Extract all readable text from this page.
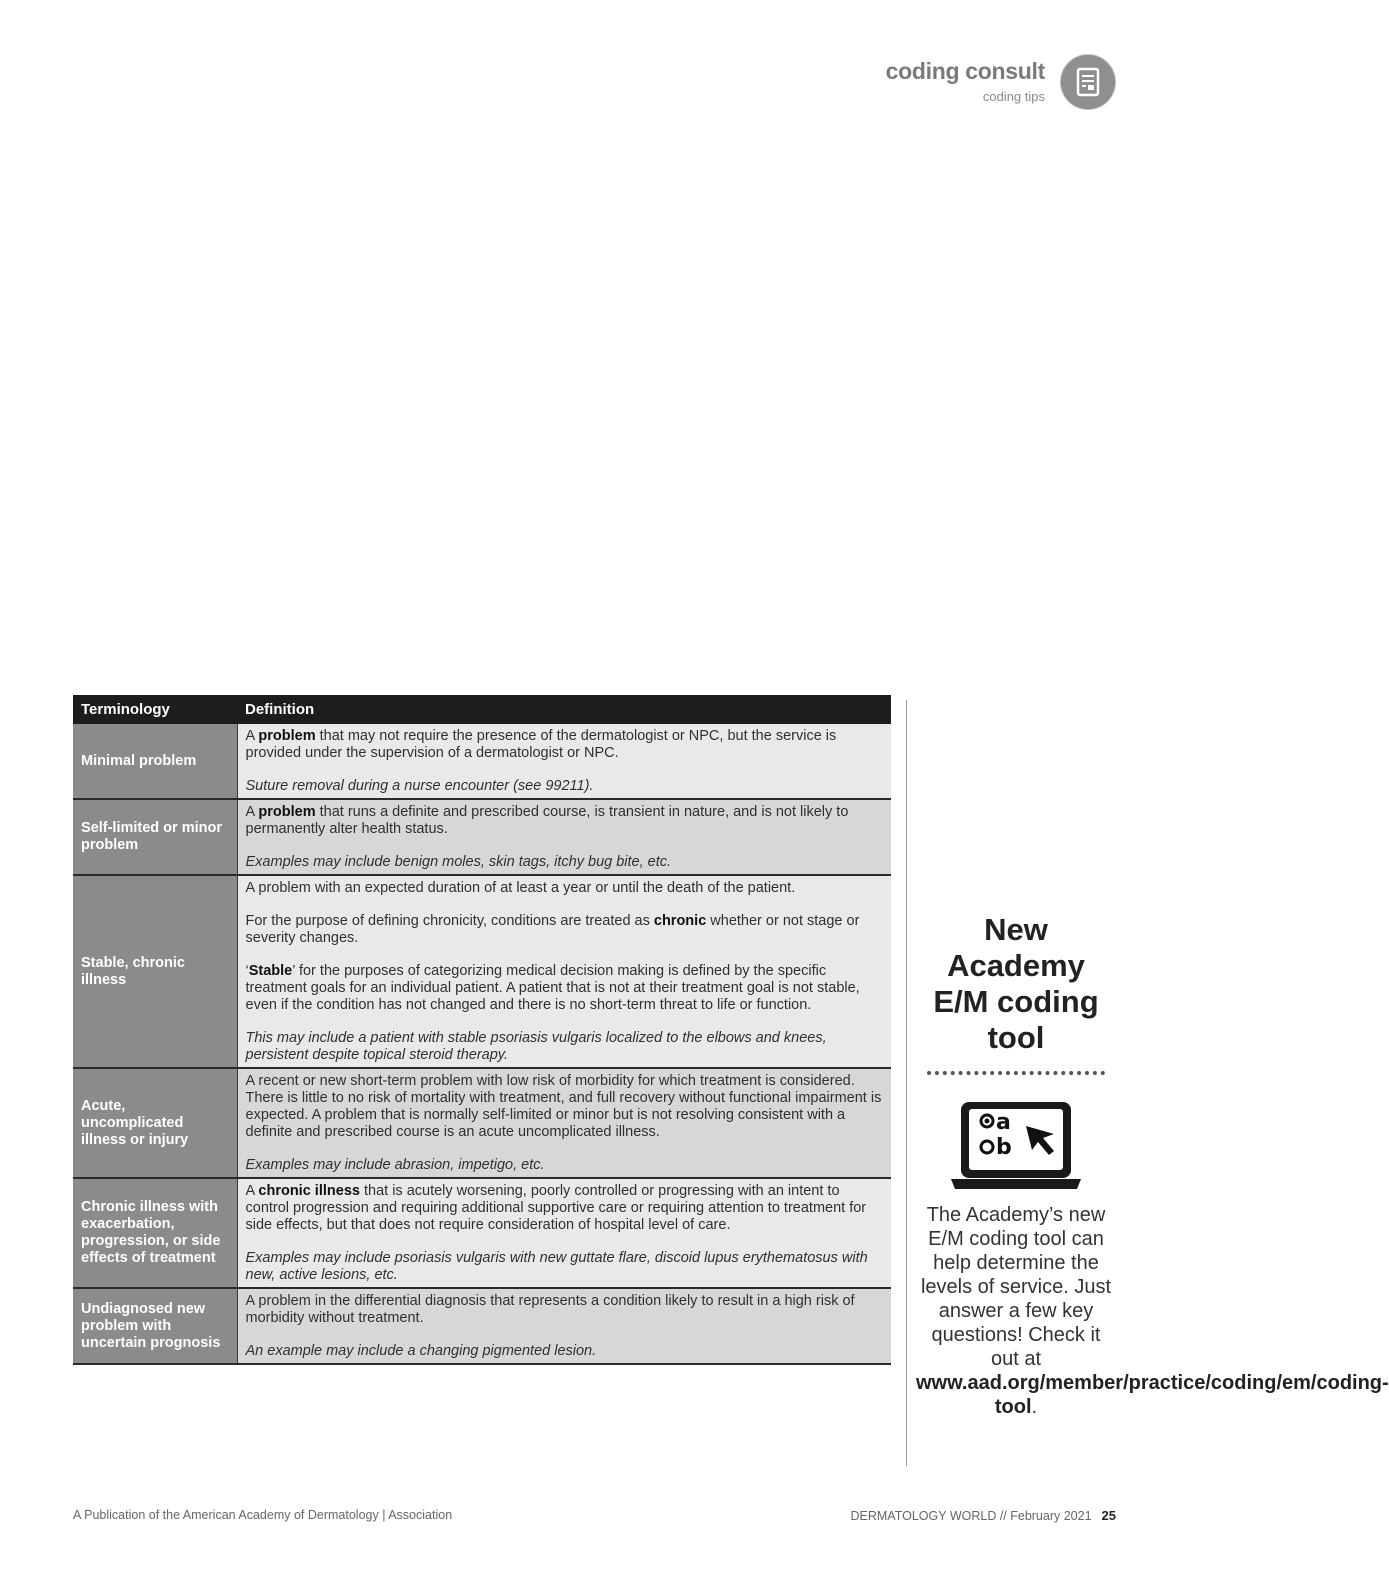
coding consult
coding tips
Terminology	Definition
Minimal problem	A problem that may not require the presence of the dermatologist or NPC, but the service is provided under the supervision of a dermatologist or NPC.

Suture removal during a nurse encounter (see 99211).

Self-limited or minor problem	A problem that runs a definite and prescribed course, is transient in nature, and is not likely to permanently alter health status.

Examples may include benign moles, skin tags, itchy bug bite, etc.

Stable, chronic illness	A problem with an expected duration of at least a year or until the death of the patient.

For the purpose of defining chronicity, conditions are treated as chronic whether or not stage or severity changes.

‘Stable’ for the purposes of categorizing medical decision making is defined by the specific treatment goals for an individual patient. A patient that is not at their treatment goal is not stable, even if the condition has not changed and there is no short-term threat to life or function.

This may include a patient with stable psoriasis vulgaris localized to the elbows and knees, persistent despite topical steroid therapy.

Acute, uncomplicated illness or injury	A recent or new short-term problem with low risk of morbidity for which treatment is considered. There is little to no risk of mortality with treatment, and full recovery without functional impairment is expected. A problem that is normally self-limited or minor but is not resolving consistent with a definite and prescribed course is an acute uncomplicated illness.

Examples may include abrasion, impetigo, etc.

Chronic illness with exacerbation, progression, or side effects of treatment	A chronic illness that is acutely worsening, poorly controlled or progressing with an intent to control progression and requiring additional supportive care or requiring attention to treatment for side effects, but that does not require consideration of hospital level of care.

Examples may include psoriasis vulgaris with new guttate flare, discoid lupus erythematosus with new, active lesions, etc.

Undiagnosed new problem with uncertain prognosis	A problem in the differential diagnosis that represents a condition likely to result in a high risk of morbidity without treatment.

An example may include a changing pigmented lesion.

New Academy E/M coding tool
a
b
The Academy’s new E/M coding tool can help determine the levels of service. Just answer a few key questions! Check it out at www.aad.org/member/practice/coding/em/coding-tool.
A Publication of the American Academy of Dermatology | Association	DERMATOLOGY WORLD // February 2021 25
